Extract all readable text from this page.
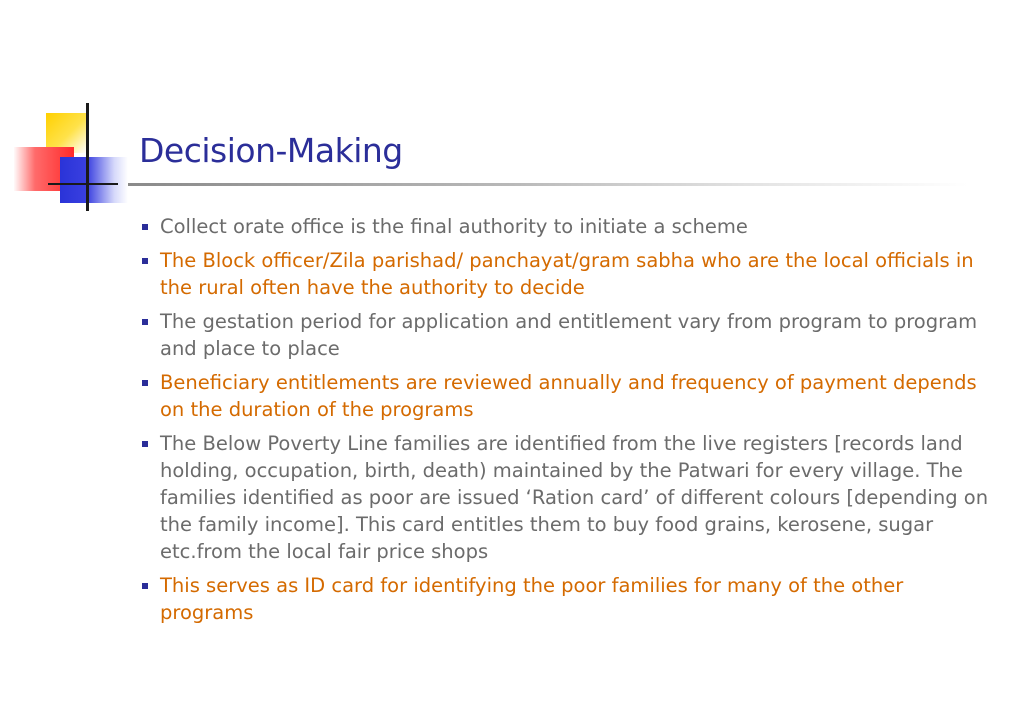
Decision-Making
Collect orate office is the final authority to initiate a scheme
The Block officer/Zila parishad/ panchayat/gram sabha who are the local officials in the rural often have the authority to decide
The gestation period for application and entitlement vary from program to program and place to place
Beneficiary entitlements are reviewed annually and frequency of payment depends on the duration of the programs
The Below Poverty Line families are identified from the live registers [records land holding, occupation, birth, death) maintained by the Patwari for every village. The families identified as poor are issued ‘Ration card’ of different colours [depending on the family income]. This card entitles them to buy food grains, kerosene, sugar etc.from the local fair price shops
This serves as ID card for identifying the poor families for many of the other programs
